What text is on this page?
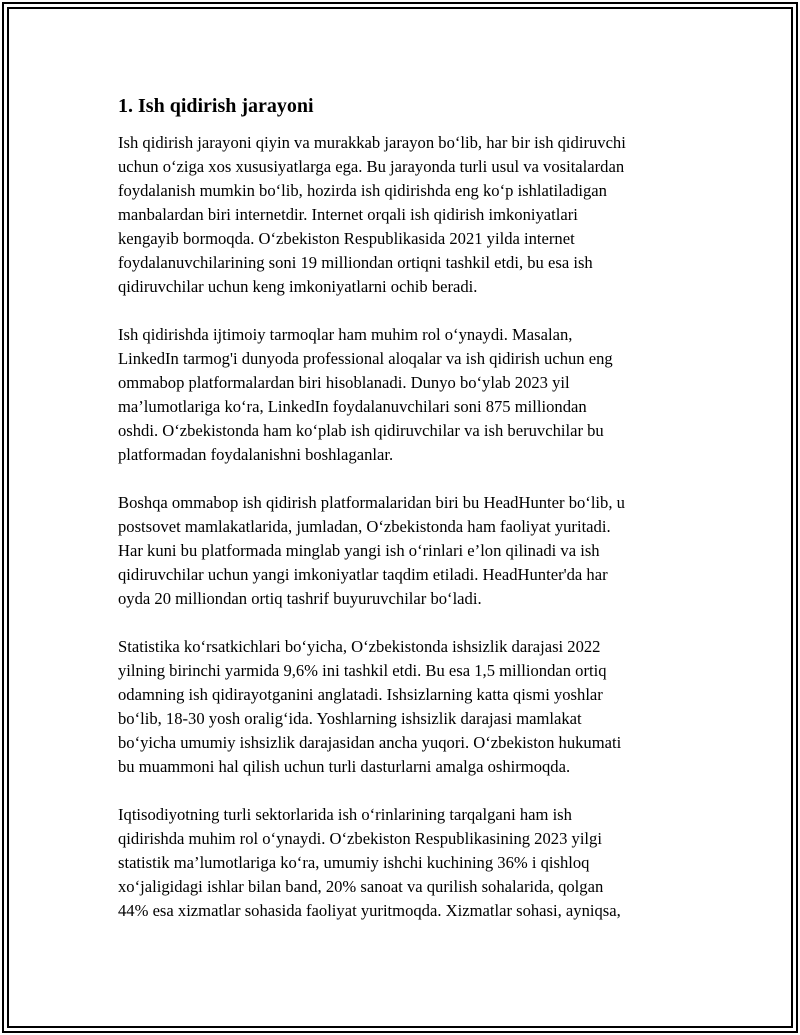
1. Ish qidirish jarayoni

Ish qidirish jarayoni qiyin va murakkab jarayon bo‘lib, har bir ish qidiruvchi
uchun o‘ziga xos xususiyatlarga ega. Bu jarayonda turli usul va vositalardan
foydalanish mumkin bo‘lib, hozirda ish qidirishda eng ko‘p ishlatiladigan
manbalardan biri internetdir. Internet orqali ish qidirish imkoniyatlari
kengayib bormoqda. O‘zbekiston Respublikasida 2021 yilda internet
foydalanuvchilarining soni 19 milliondan ortiqni tashkil etdi, bu esa ish
qidiruvchilar uchun keng imkoniyatlarni ochib beradi.

Ish qidirishda ijtimoiy tarmoqlar ham muhim rol o‘ynaydi. Masalan,
LinkedIn tarmog'i dunyoda professional aloqalar va ish qidirish uchun eng
ommabop platformalardan biri hisoblanadi. Dunyo bo‘ylab 2023 yil
ma’lumotlariga ko‘ra, LinkedIn foydalanuvchilari soni 875 milliondan
oshdi. O‘zbekistonda ham ko‘plab ish qidiruvchilar va ish beruvchilar bu
platformadan foydalanishni boshlaganlar.

Boshqa ommabop ish qidirish platformalaridan biri bu HeadHunter bo‘lib, u
postsovet mamlakatlarida, jumladan, O‘zbekistonda ham faoliyat yuritadi.
Har kuni bu platformada minglab yangi ish o‘rinlari e’lon qilinadi va ish
qidiruvchilar uchun yangi imkoniyatlar taqdim etiladi. HeadHunter'da har
oyda 20 milliondan ortiq tashrif buyuruvchilar bo‘ladi.

Statistika ko‘rsatkichlari bo‘yicha, O‘zbekistonda ishsizlik darajasi 2022
yilning birinchi yarmida 9,6% ini tashkil etdi. Bu esa 1,5 milliondan ortiq
odamning ish qidirayotganini anglatadi. Ishsizlarning katta qismi yoshlar
bo‘lib, 18-30 yosh oralig‘ida. Yoshlarning ishsizlik darajasi mamlakat
bo‘yicha umumiy ishsizlik darajasidan ancha yuqori. O‘zbekiston hukumati
bu muammoni hal qilish uchun turli dasturlarni amalga oshirmoqda.

Iqtisodiyotning turli sektorlarida ish o‘rinlarining tarqalgani ham ish
qidirishda muhim rol o‘ynaydi. O‘zbekiston Respublikasining 2023 yilgi
statistik ma’lumotlariga ko‘ra, umumiy ishchi kuchining 36% i qishloq
xo‘jaligidagi ishlar bilan band, 20% sanoat va qurilish sohalarida, qolgan
44% esa xizmatlar sohasida faoliyat yuritmoqda. Xizmatlar sohasi, ayniqsa,
